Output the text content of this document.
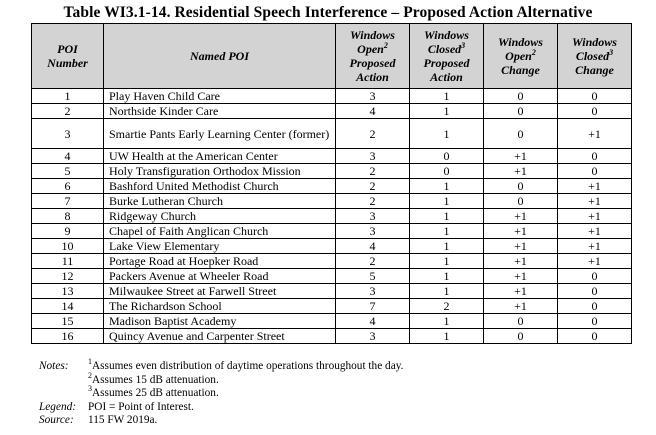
Table WI3.1-14. Residential Speech Interference – Proposed Action Alternative
POI
Number	Named POI	Windows
Open$^2$
Proposed
Action	Windows
Closed$^3$
Proposed
Action	Windows
Open$^2$
Change	Windows
Closed$^3$
Change

1	Play Haven Child Care	3	1	0	0
2	Northside Kinder Care	4	1	0	0
3	Smartie Pants Early Learning Center (former)	2	1	0	+1
4	UW Health at the American Center	3	0	+1	0
5	Holy Transfiguration Orthodox Mission	2	0	+1	0
6	Bashford United Methodist Church	2	1	0	+1
7	Burke Lutheran Church	2	1	0	+1
8	Ridgeway Church	3	1	+1	+1
9	Chapel of Faith Anglican Church	3	1	+1	+1
10	Lake View Elementary	4	1	+1	+1
11	Portage Road at Hoepker Road	2	1	+1	+1
12	Packers Avenue at Wheeler Road	5	1	+1	0
13	Milwaukee Street at Farwell Street	3	1	+1	0
14	The Richardson School	7	2	+1	0
15	Madison Baptist Academy	4	1	0	0
16	Quincy Avenue and Carpenter Street	3	1	0	0
Notes:	$^1$Assumes even distribution of daytime operations throughout the day.
$^2$Assumes 15 dB attenuation.
$^3$Assumes 25 dB attenuation.
Legend:	POI = Point of Interest.
Source:	115 FW 2019a.
